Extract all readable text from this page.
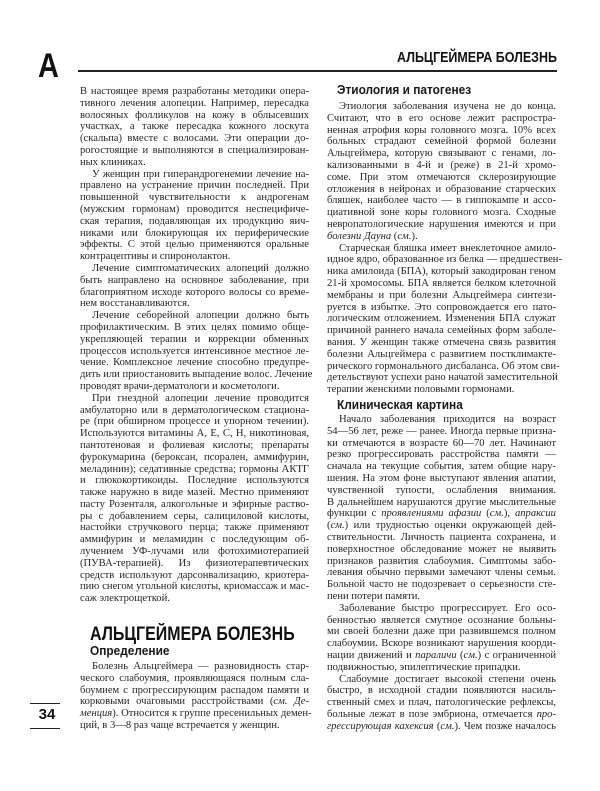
А	АЛЬЦГЕЙМЕРА БОЛЕЗНЬ
В настоящее время разработаны методики опера-
тивного лечения алопеции. Например, пересадка
волосяных фолликулов на кожу в облысевших
участках, а также пересадка кожного лоскута
(скальпа) вместе с волосами. Эти операции до-
рогостоящие и выполняются в специализирован-
ных клиниках.
У женщин при гиперандрогенемии лечение на-
правлено на устранение причин последней. При
повышенной чувствительности к андрогенам
(мужским гормонам) проводится неспецифиче-
ская терапия, подавляющая их продукцию яич-
никами или блокирующая их периферические
эффекты. С этой целью применяются оральные
контрацептивы и спиронолактон.
Лечение симптоматических алопеций должно
быть направлено на основное заболевание, при
благоприятном исходе которого волосы со време-
нем восстанавливаются.
Лечение себорейной алопеции должно быть
профилактическим. В этих целях помимо обще-
укрепляющей терапии и коррекции обменных
процессов используется интенсивное местное ле-
чение. Комплексное лечение способно предупре-
дить или приостановить выпадение волос. Лечение
проводят врачи-дерматологи и косметологи.
При гнездной алопеции лечение проводится
амбулаторно или в дерматологическом стациона-
ре (при обширном процессе и упорном течении).
Используются витамины А, Е, С, Н, никотиновая,
пантотеновая и фолиевая кислоты; препараты
фурокумарина (бероксан, псорален, аммифурин,
меладинин); седативные средства; гормоны АКТГ
и глюкокортикоиды. Последние используются
также наружно в виде мазей. Местно применяют
пасту Розенталя, алкогольные и эфирные раство-
ры с добавлением серы, салициловой кислоты,
настойки стручкового перца; также применяют
аммифурин и меламидин с последующим об-
лучением УФ-лучами или фотохимиотерапией
(ПУВА-терапией). Из физиотерапевтических
средств используют дарсонвализацию, криотера-
пию снегом угольной кислоты, криомассаж и мас-
саж электрощеткой.
АЛЬЦГЕЙМЕРА БОЛЕЗНЬ
Определение
Болезнь Альцгеймера — разновидность стар-
ческого слабоумия, проявляющаяся полным сла-
боумием с прогрессирующим распадом памяти и
корковыми очаговыми расстройствами (см. Де-
менция). Относится к группе пресенильных демен-
ций, в 3—8 раз чаще встречается у женщин.
34
Этиология и патогенез
Этиология заболевания изучена не до конца.
Считают, что в его основе лежит распростра-
ненная атрофия коры головного мозга. 10% всех
больных страдают семейной формой болезни
Альцгеймера, которую связывают с генами, ло-
кализованными в 4-й и (реже) в 21-й хромо-
соме. При этом отмечаются склерозирующие
отложения в нейронах и образование старческих
бляшек, наиболее часто — в гиппокампе и ассо-
циативной зоне коры головного мозга. Сходные
невропатологические нарушения имеются и при
болезни Дауна (см.).
Старческая бляшка имеет внеклеточное амило-
идное ядро, образованное из белка — предшествен-
ника амилоида (БПА), который закодирован геном
21-й хромосомы. БПА является белком клеточной
мембраны и при болезни Альцгеймера синтези-
руется в избытке. Это сопровождается его пато-
логическим отложением. Изменения БПА служат
причиной раннего начала семейных форм заболе-
вания. У женщин также отмечена связь развития
болезни Альцгеймера с развитием постклимакте-
рического гормонального дисбаланса. Об этом сви-
детельствуют успехи рано начатой заместительной
терапии женскими половыми гормонами.
Клиническая картина
Начало заболевания приходится на возраст
54—56 лет, реже — ранее. Иногда первые призна-
ки отмечаются в возрасте 60—70 лет. Начинают
резко прогрессировать расстройства памяти —
сначала на текущие события, затем общие нару-
шения. На этом фоне выступают явления апатии,
чувственной тупости, ослабления внимания.
В дальнейшем нарушаются другие мыслительные
функции с проявлениями афазии (см.), апраксии
(см.) или трудностью оценки окружающей дей-
ствительности. Личность пациента сохранена, и
поверхностное обследование может не выявить
признаков развития слабоумия. Симптомы забо-
левания обычно первыми замечают члены семьи.
Больной часто не подозревает о серьезности сте-
пени потери памяти.
Заболевание быстро прогрессирует. Его осо-
бенностью является смутное осознание больны-
ми своей болезни даже при развившемся полном
слабоумии. Вскоре возникают нарушения коорди-
нации движений и параличи (см.) с ограниченной
подвижностью, эпилептические припадки.
Слабоумие достигает высокой степени очень
быстро, в исходной стадии появляются насиль-
ственный смех и плач, патологические рефлексы,
больные лежат в позе эмбриона, отмечается про-
грессирующая кахексия (см.). Чем позже началось
